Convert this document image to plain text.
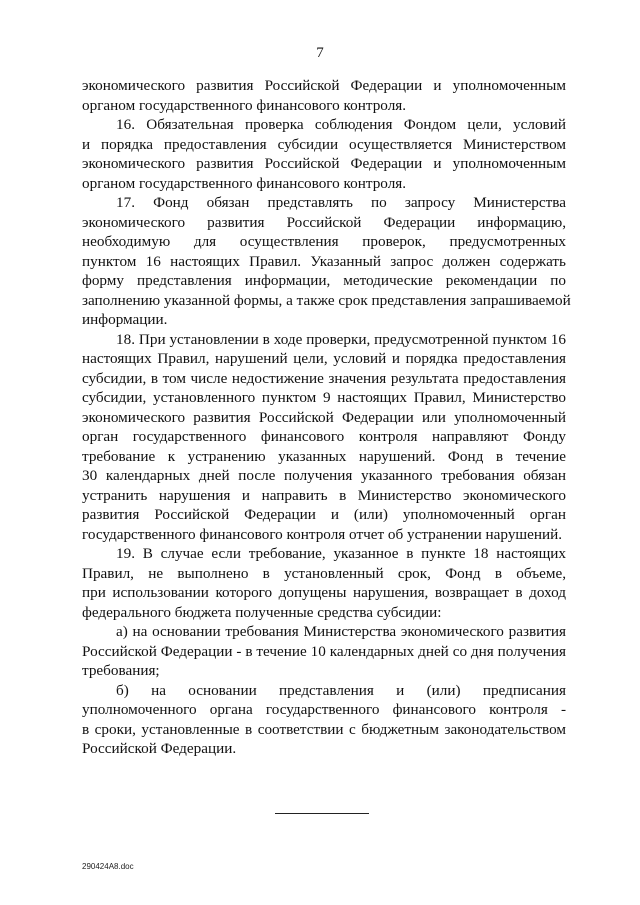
7
экономического развития Российской Федерации и уполномоченным
органом государственного финансового контроля.
16. Обязательная проверка соблюдения Фондом цели, условий
и порядка предоставления субсидии осуществляется Министерством
экономического развития Российской Федерации и уполномоченным
органом государственного финансового контроля.
17. Фонд обязан представлять по запросу Министерства
экономического развития Российской Федерации информацию,
необходимую для осуществления проверок, предусмотренных
пунктом 16 настоящих Правил. Указанный запрос должен содержать
форму представления информации, методические рекомендации по
заполнению указанной формы, а также срок представления запрашиваемой
информации.
18. При установлении в ходе проверки, предусмотренной пунктом 16
настоящих Правил, нарушений цели, условий и порядка предоставления
субсидии, в том числе недостижение значения результата предоставления
субсидии, установленного пунктом 9 настоящих Правил, Министерство
экономического развития Российской Федерации или уполномоченный
орган государственного финансового контроля направляют Фонду
требование к устранению указанных нарушений. Фонд в течение
30 календарных дней после получения указанного требования обязан
устранить нарушения и направить в Министерство экономического
развития Российской Федерации и (или) уполномоченный орган
государственного финансового контроля отчет об устранении нарушений.
19. В случае если требование, указанное в пункте 18 настоящих
Правил, не выполнено в установленный срок, Фонд в объеме,
при использовании которого допущены нарушения, возвращает в доход
федерального бюджета полученные средства субсидии:
а) на основании требования Министерства экономического развития
Российской Федерации - в течение 10 календарных дней со дня получения
требования;
б) на основании представления и (или) предписания
уполномоченного органа государственного финансового контроля -
в сроки, установленные в соответствии с бюджетным законодательством
Российской Федерации.
290424A8.doc
